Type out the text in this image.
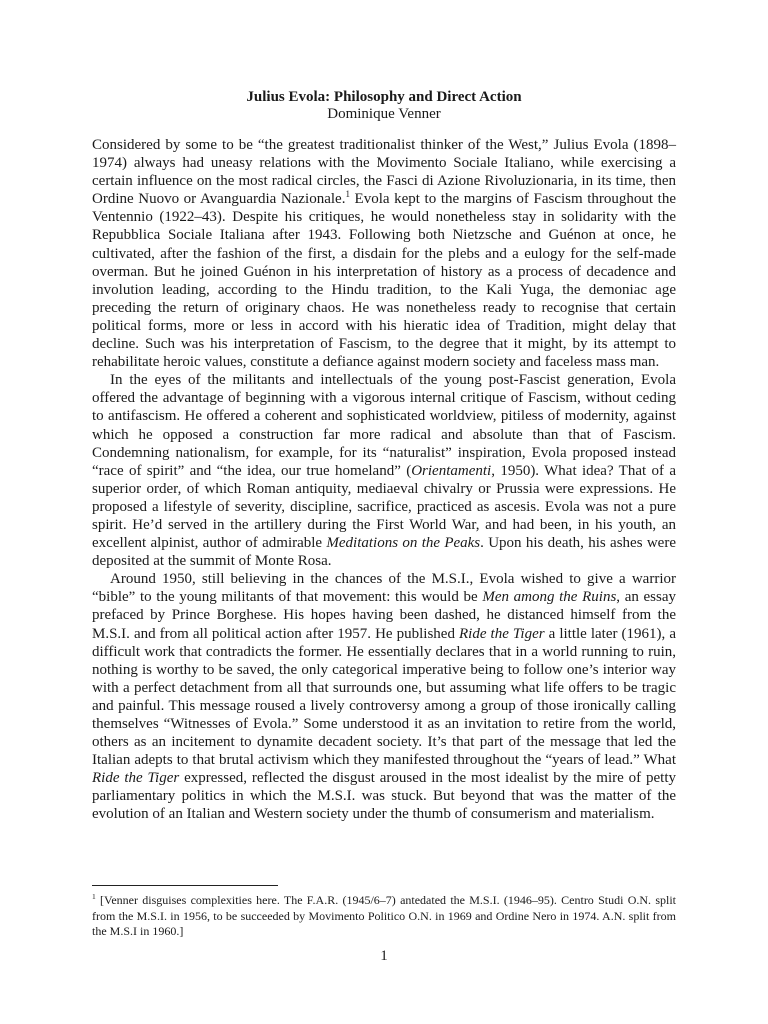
Julius Evola: Philosophy and Direct Action
Dominique Venner

Considered by some to be “the greatest traditionalist thinker of the West,” Julius Evola (1898–1974) always had uneasy relations with the Movimento Sociale Italiano, while exercising a certain influence on the most radical circles, the Fasci di Azione Rivoluzionaria, in its time, then Ordine Nuovo or Avanguardia Nazionale.$^1$ Evola kept to the margins of Fascism throughout the Ventennio (1922–43). Despite his critiques, he would nonetheless stay in solidarity with the Repubblica Sociale Italiana after 1943. Following both Nietzsche and Guénon at once, he cultivated, after the fashion of the first, a disdain for the plebs and a eulogy for the self-made overman. But he joined Guénon in his interpretation of history as a process of decadence and involution leading, according to the Hindu tradition, to the Kali Yuga, the demoniac age preceding the return of originary chaos. He was nonetheless ready to recognise that certain political forms, more or less in accord with his hieratic idea of Tradition, might delay that decline. Such was his interpretation of Fascism, to the degree that it might, by its attempt to rehabilitate heroic values, constitute a defiance against modern society and faceless mass man.

In the eyes of the militants and intellectuals of the young post-Fascist generation, Evola offered the advantage of beginning with a vigorous internal critique of Fascism, without ceding to antifascism. He offered a coherent and sophisticated worldview, pitiless of modernity, against which he opposed a construction far more radical and absolute than that of Fascism. Condemning nationalism, for example, for its “naturalist” inspiration, Evola proposed instead “race of spirit” and “the idea, our true homeland” (Orientamenti, 1950). What idea? That of a superior order, of which Roman antiquity, mediaeval chivalry or Prussia were expressions. He proposed a lifestyle of severity, discipline, sacrifice, practiced as ascesis. Evola was not a pure spirit. He’d served in the artillery during the First World War, and had been, in his youth, an excellent alpinist, author of admirable Meditations on the Peaks. Upon his death, his ashes were deposited at the summit of Monte Rosa.

Around 1950, still believing in the chances of the M.S.I., Evola wished to give a warrior “bible” to the young militants of that movement: this would be Men among the Ruins, an essay prefaced by Prince Borghese. His hopes having been dashed, he distanced himself from the M.S.I. and from all political action after 1957. He published Ride the Tiger a little later (1961), a difficult work that contradicts the former. He essentially declares that in a world running to ruin, nothing is worthy to be saved, the only categorical imperative being to follow one’s interior way with a perfect detachment from all that surrounds one, but assuming what life offers to be tragic and painful. This message roused a lively controversy among a group of those ironically calling themselves “Witnesses of Evola.” Some understood it as an invitation to retire from the world, others as an incitement to dynamite decadent society. It’s that part of the message that led the Italian adepts to that brutal activism which they manifested throughout the “years of lead.” What Ride the Tiger expressed, reflected the disgust aroused in the most idealist by the mire of petty parliamentary politics in which the M.S.I. was stuck. But beyond that was the matter of the evolution of an Italian and Western society under the thumb of consumerism and materialism.

$^1$ [Venner disguises complexities here. The F.A.R. (1945/6–7) antedated the M.S.I. (1946–95). Centro Studi O.N. split from the M.S.I. in 1956, to be succeeded by Movimento Politico O.N. in 1969 and Ordine Nero in 1974. A.N. split from the M.S.I in 1960.]
1
